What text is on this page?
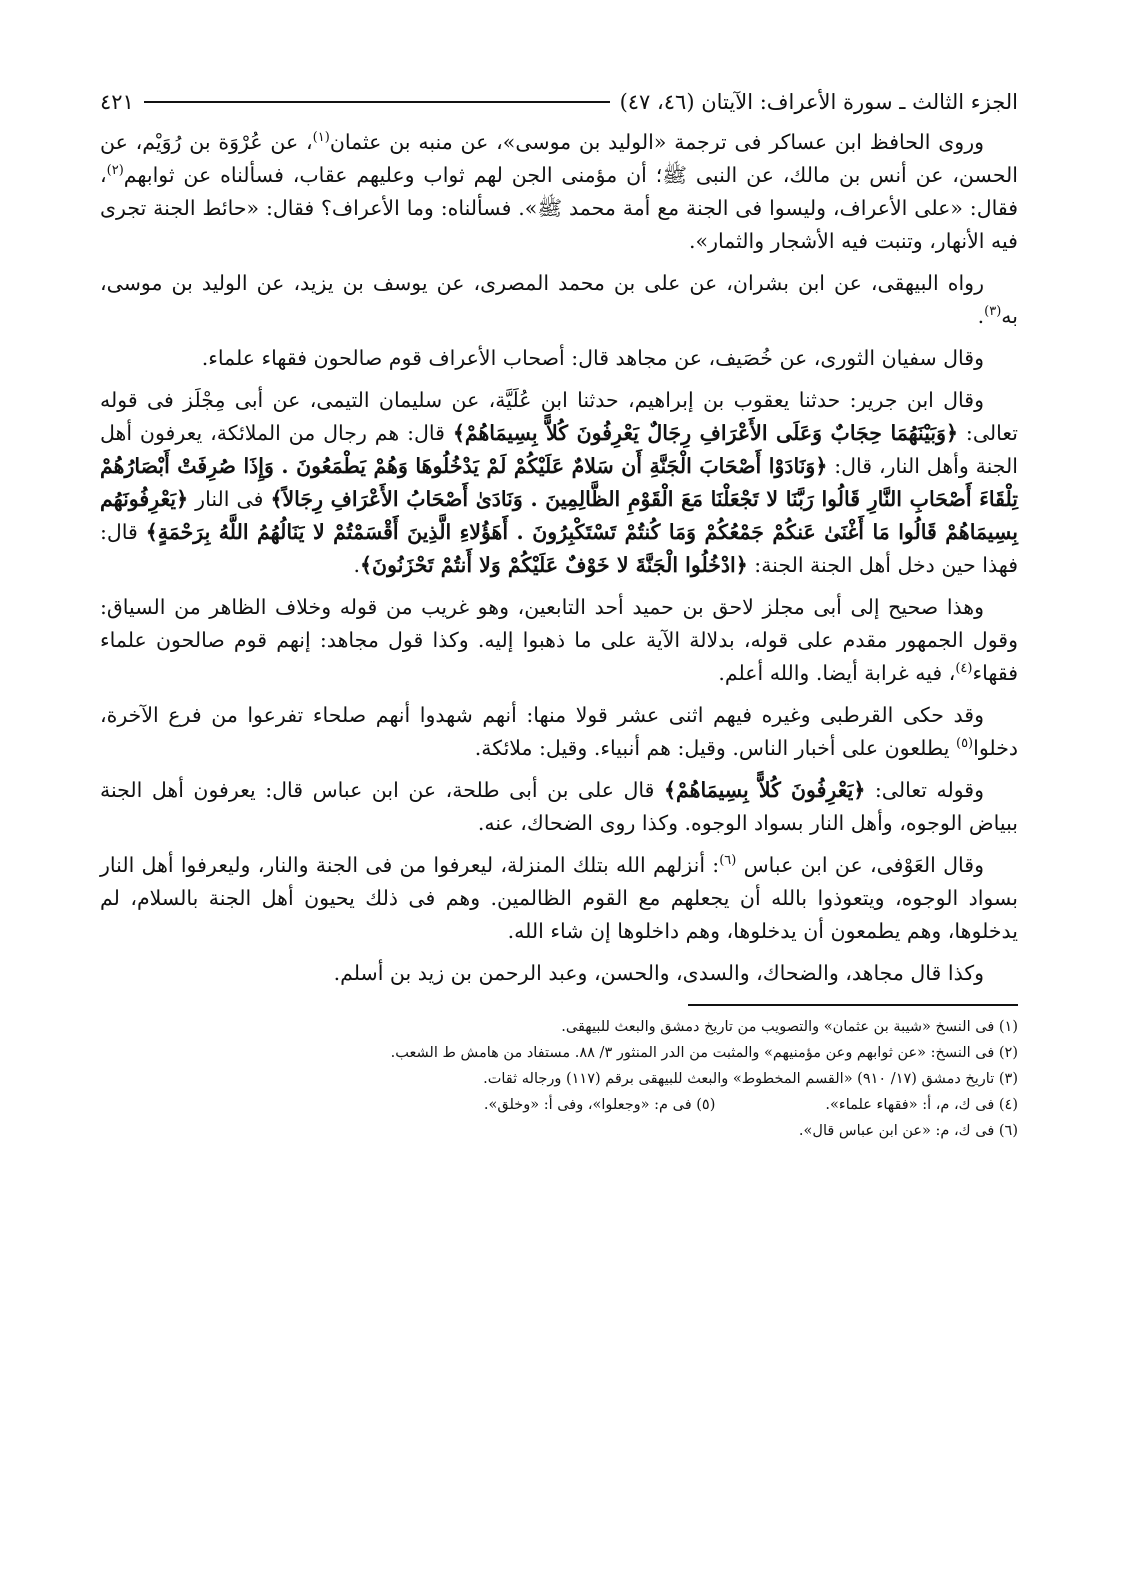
الجزء الثالث ـ سورة الأعراف: الآيتان (٤٦، ٤٧)
٤٢١

وروى الحافظ ابن عساكر فى ترجمة «الوليد بن موسى»، عن منبه بن عثمان$^{(١)}$، عن عُرْوَة بن رُوَيْم، عن الحسن، عن أنس بن مالك، عن النبى ﷺ؛ أن مؤمنى الجن لهم ثواب وعليهم عقاب، فسألناه عن ثوابهم$^{(٢)}$، فقال: «على الأعراف، وليسوا فى الجنة مع أمة محمد ﷺ». فسألناه: وما الأعراف؟ فقال: «حائط الجنة تجرى فيه الأنهار، وتنبت فيه الأشجار والثمار».

رواه البيهقى، عن ابن بشران، عن على بن محمد المصرى، عن يوسف بن يزيد، عن الوليد بن موسى، به$^{(٣)}$.

وقال سفيان الثورى، عن خُصَيف، عن مجاهد قال: أصحاب الأعراف قوم صالحون فقهاء علماء.

وقال ابن جرير: حدثنا يعقوب بن إبراهيم، حدثنا ابن عُلَيَّة، عن سليمان التيمى، عن أبى مِجْلَز فى قوله تعالى: ﴿وَبَيْنَهُمَا حِجَابٌ وَعَلَى الأَعْرَافِ رِجَالٌ يَعْرِفُونَ كُلاًّ بِسِيمَاهُمْ﴾ قال: هم رجال من الملائكة، يعرفون أهل الجنة وأهل النار، قال: ﴿وَنَادَوْا أَصْحَابَ الْجَنَّةِ أَن سَلامٌ عَلَيْكُمْ لَمْ يَدْخُلُوهَا وَهُمْ يَطْمَعُونَ . وَإِذَا صُرِفَتْ أَبْصَارُهُمْ تِلْقَاءَ أَصْحَابِ النَّارِ قَالُوا رَبَّنَا لا تَجْعَلْنَا مَعَ الْقَوْمِ الظَّالِمِينَ . وَنَادَىٰ أَصْحَابُ الأَعْرَافِ رِجَالاً﴾ فى النار ﴿يَعْرِفُونَهُم بِسِيمَاهُمْ قَالُوا مَا أَغْنَىٰ عَنكُمْ جَمْعُكُمْ وَمَا كُنتُمْ تَسْتَكْبِرُونَ . أَهَؤُلاءِ الَّذِينَ أَقْسَمْتُمْ لا يَنَالُهُمُ اللَّهُ بِرَحْمَةٍ﴾ قال: فهذا حين دخل أهل الجنة الجنة: ﴿ادْخُلُوا الْجَنَّةَ لا خَوْفٌ عَلَيْكُمْ وَلا أَنتُمْ تَحْزَنُونَ﴾.

وهذا صحيح إلى أبى مجلز لاحق بن حميد أحد التابعين، وهو غريب من قوله وخلاف الظاهر من السياق: وقول الجمهور مقدم على قوله، بدلالة الآية على ما ذهبوا إليه. وكذا قول مجاهد: إنهم قوم صالحون علماء فقهاء$^{(٤)}$، فيه غرابة أيضا. والله أعلم.

وقد حكى القرطبى وغيره فيهم اثنى عشر قولا منها: أنهم شهدوا أنهم صلحاء تفرعوا من فرع الآخرة، دخلوا$^{(٥)}$ يطلعون على أخبار الناس. وقيل: هم أنبياء. وقيل: ملائكة.

وقوله تعالى: ﴿يَعْرِفُونَ كُلاًّ بِسِيمَاهُمْ﴾ قال على بن أبى طلحة، عن ابن عباس قال: يعرفون أهل الجنة ببياض الوجوه، وأهل النار بسواد الوجوه. وكذا روى الضحاك، عنه.

وقال العَوْفى، عن ابن عباس $^{(٦)}$: أنزلهم الله بتلك المنزلة، ليعرفوا من فى الجنة والنار، وليعرفوا أهل النار بسواد الوجوه، ويتعوذوا بالله أن يجعلهم مع القوم الظالمين. وهم فى ذلك يحيون أهل الجنة بالسلام، لم يدخلوها، وهم يطمعون أن يدخلوها، وهم داخلوها إن شاء الله.

وكذا قال مجاهد، والضحاك، والسدى، والحسن، وعبد الرحمن بن زيد بن أسلم.

(١) فى النسخ «شيبة بن عثمان» والتصويب من تاريخ دمشق والبعث للبيهقى.
(٢) فى النسخ: «عن ثوابهم وعن مؤمنيهم» والمثبت من الدر المنثور ٣/ ٨٨. مستفاد من هامش ط الشعب.
(٣) تاريخ دمشق (١٧/ ٩١٠) «القسم المخطوط» والبعث للبيهقى برقم (١١٧) ورجاله ثقات.
(٤) فى ك، م، أ: «فقهاء علماء».
(٥) فى م: «وجعلوا»، وفى أ: «وخلق».
(٦) فى ك، م: «عن ابن عباس قال».
